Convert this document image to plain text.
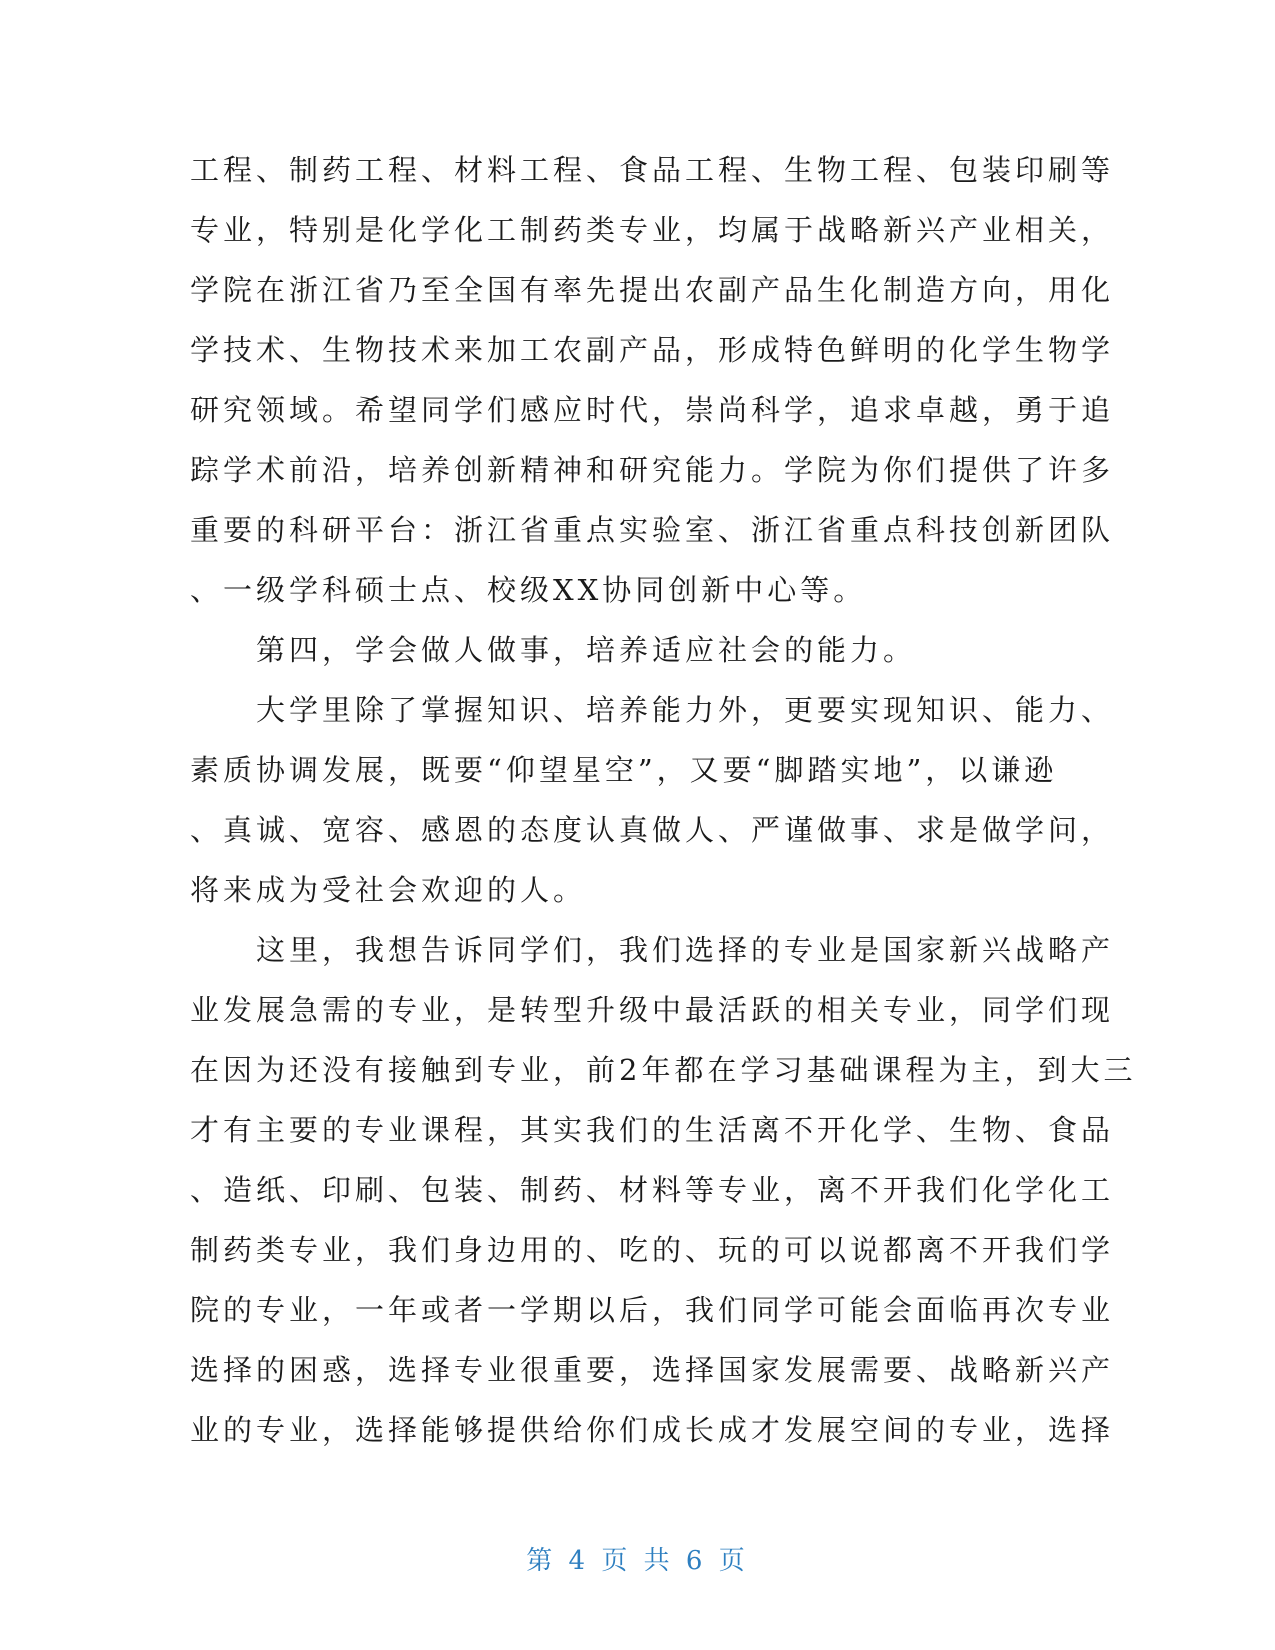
工程、制药工程、材料工程、食品工程、生物工程、包装印刷等
专业，特别是化学化工制药类专业，均属于战略新兴产业相关，
学院在浙江省乃至全国有率先提出农副产品生化制造方向，用化
学技术、生物技术来加工农副产品，形成特色鲜明的化学生物学
研究领域。希望同学们感应时代，崇尚科学，追求卓越，勇于追
踪学术前沿，培养创新精神和研究能力。学院为你们提供了许多
重要的科研平台：浙江省重点实验室、浙江省重点科技创新团队
、一级学科硕士点、校级XX协同创新中心等。
　　第四，学会做人做事，培养适应社会的能力。
　　大学里除了掌握知识、培养能力外，更要实现知识、能力、
素质协调发展，既要“仰望星空”，又要“脚踏实地”，以谦逊
、真诚、宽容、感恩的态度认真做人、严谨做事、求是做学问，
将来成为受社会欢迎的人。
　　这里，我想告诉同学们，我们选择的专业是国家新兴战略产
业发展急需的专业，是转型升级中最活跃的相关专业，同学们现
在因为还没有接触到专业，前2年都在学习基础课程为主，到大三
才有主要的专业课程，其实我们的生活离不开化学、生物、食品
、造纸、印刷、包装、制药、材料等专业，离不开我们化学化工
制药类专业，我们身边用的、吃的、玩的可以说都离不开我们学
院的专业，一年或者一学期以后，我们同学可能会面临再次专业
选择的困惑，选择专业很重要，选择国家发展需要、战略新兴产
业的专业，选择能够提供给你们成长成才发展空间的专业，选择
第 4 页 共 6 页
